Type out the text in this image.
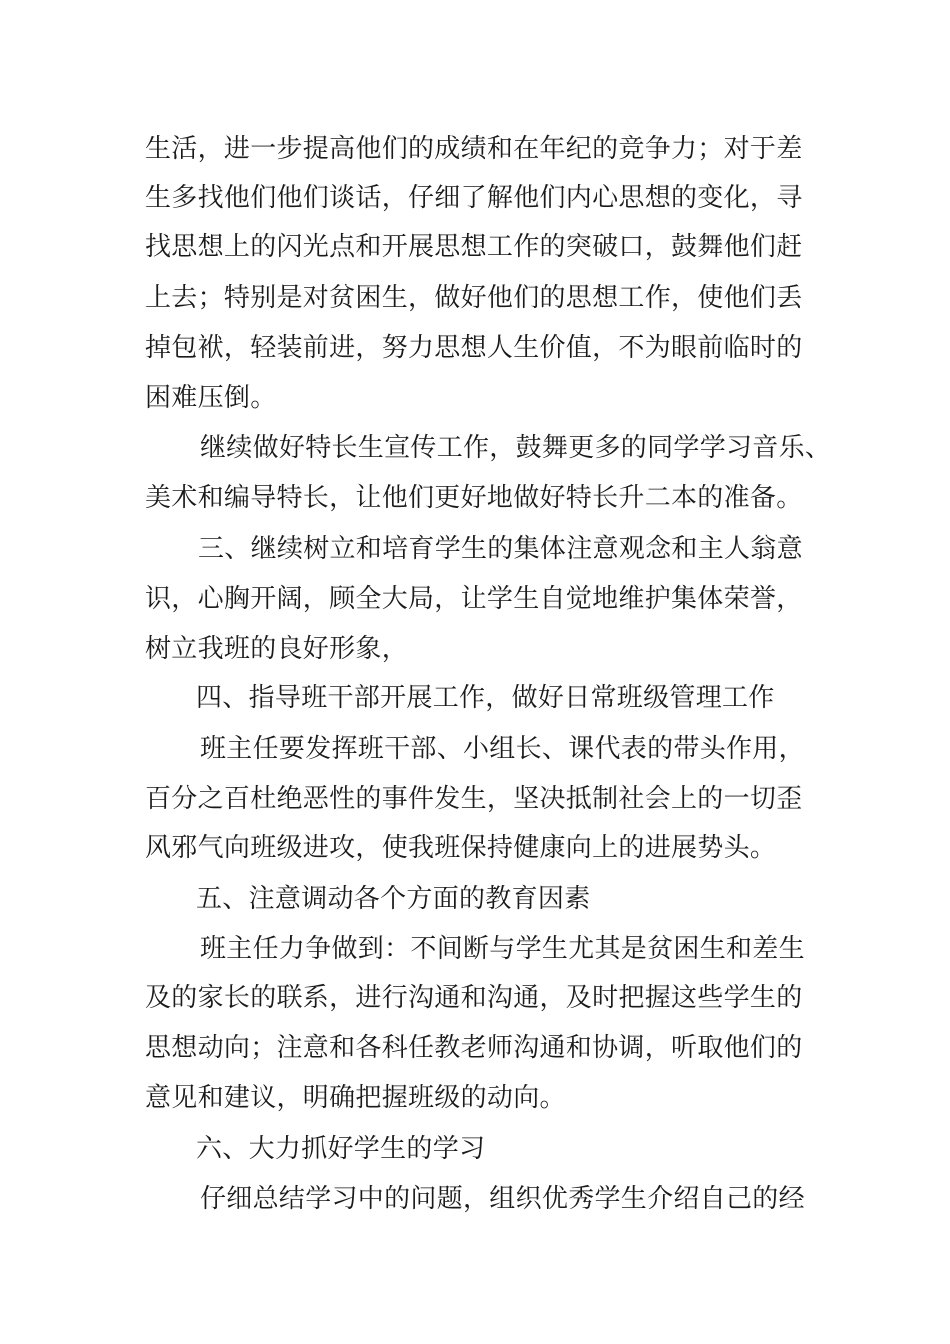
生活，进一步提高他们的成绩和在年纪的竞争力；对于差
生多找他们他们谈话，仔细了解他们内心思想的变化，寻
找思想上的闪光点和开展思想工作的突破口，鼓舞他们赶
上去；特别是对贫困生，做好他们的思想工作，使他们丢
掉包袱，轻装前进，努力思想人生价值，不为眼前临时的
困难压倒。
继续做好特长生宣传工作，鼓舞更多的同学学习音乐、
美术和编导特长，让他们更好地做好特长升二本的准备。
三、继续树立和培育学生的集体注意观念和主人翁意
识，心胸开阔，顾全大局，让学生自觉地维护集体荣誉，
树立我班的良好形象，
四、指导班干部开展工作，做好日常班级管理工作
班主任要发挥班干部、小组长、课代表的带头作用，
百分之百杜绝恶性的事件发生，坚决抵制社会上的一切歪
风邪气向班级进攻，使我班保持健康向上的进展势头。
五、注意调动各个方面的教育因素
班主任力争做到：不间断与学生尤其是贫困生和差生
及的家长的联系，进行沟通和沟通，及时把握这些学生的
思想动向；注意和各科任教老师沟通和协调，听取他们的
意见和建议，明确把握班级的动向。
六、大力抓好学生的学习
仔细总结学习中的问题，组织优秀学生介绍自己的经
